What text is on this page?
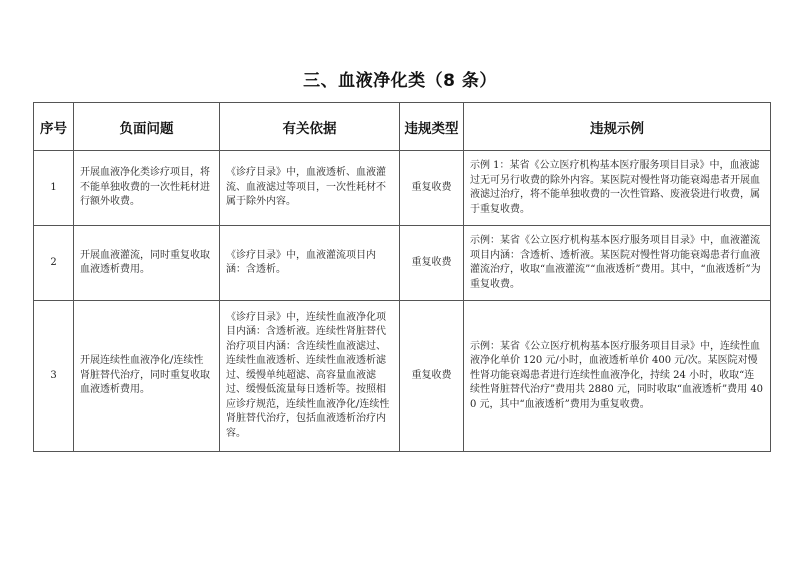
三、血液净化类（8 条）
序号	负面问题	有关依据	违规类型	违规示例
1	开展血液净化类诊疗项目，将不能单独收费的一次性耗材进行额外收费。	《诊疗目录》中，血液透析、血液灌流、血液滤过等项目，一次性耗材不属于除外内容。	重复收费	示例 1：某省《公立医疗机构基本医疗服务项目目录》中，血液滤过无可另行收费的除外内容。某医院对慢性肾功能衰竭患者开展血液滤过治疗，将不能单独收费的一次性管路、废液袋进行收费，属于重复收费。
2	开展血液灌流，同时重复收取血液透析费用。	《诊疗目录》中，血液灌流项目内涵：含透析。	重复收费	示例：某省《公立医疗机构基本医疗服务项目目录》中，血液灌流项目内涵：含透析、透析液。某医院对慢性肾功能衰竭患者行血液灌流治疗，收取“血液灌流”“血液透析”费用。其中，“血液透析”为重复收费。
3	开展连续性血液净化/连续性肾脏替代治疗，同时重复收取血液透析费用。	《诊疗目录》中，连续性血液净化项目内涵：含透析液。连续性肾脏替代治疗项目内涵：含连续性血液滤过、连续性血液透析、连续性血液透析滤过、缓慢单纯超滤、高容量血液滤过、缓慢低流量每日透析等。按照相应诊疗规范，连续性血液净化/连续性肾脏替代治疗，包括血液透析治疗内容。	重复收费	示例：某省《公立医疗机构基本医疗服务项目目录》中，连续性血液净化单价 120 元/小时，血液透析单价 400 元/次。某医院对慢性肾功能衰竭患者进行连续性血液净化，持续 24 小时，收取“连续性肾脏替代治疗”费用共 2880 元，同时收取“血液透析”费用 400 元，其中“血液透析”费用为重复收费。
